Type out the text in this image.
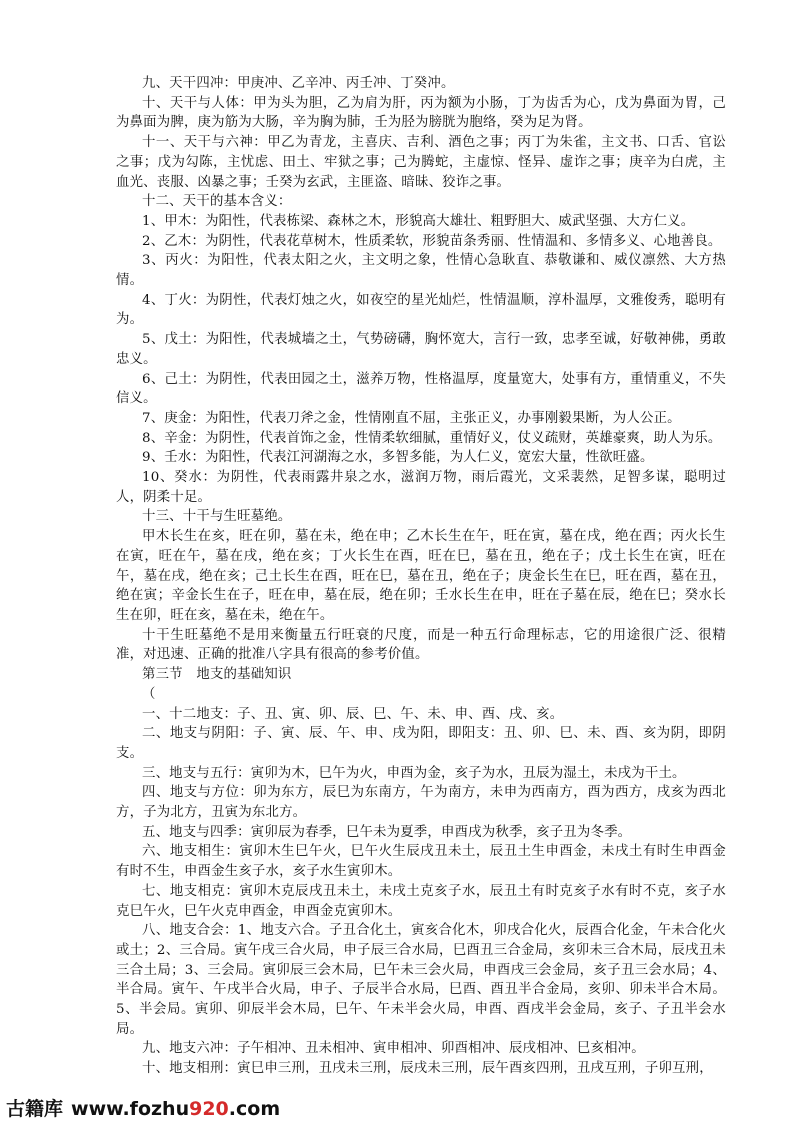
九、天干四冲：甲庚冲、乙辛冲、丙壬冲、丁癸冲。

十、天干与人体：甲为头为胆，乙为肩为肝，丙为额为小肠，丁为齿舌为心，戊为鼻面为胃，己为鼻面为脾，庚为筋为大肠，辛为胸为肺，壬为胫为膀胱为胞络，癸为足为肾。

十一、天干与六神：甲乙为青龙，主喜庆、吉利、酒色之事；丙丁为朱雀，主文书、口舌、官讼之事；戊为勾陈，主忧虑、田土、牢狱之事；己为腾蛇，主虚惊、怪异、虚诈之事；庚辛为白虎，主血光、丧服、凶暴之事；壬癸为玄武，主匪盗、暗昧、狡诈之事。

十二、天干的基本含义：

1、甲木：为阳性，代表栋梁、森林之木，形貌高大雄壮、粗野胆大、威武坚强、大方仁义。

2、乙木：为阴性，代表花草树木，性质柔软，形貌苗条秀丽、性情温和、多情多义、心地善良。

3、丙火：为阳性，代表太阳之火，主文明之象，性情心急耿直、恭敬谦和、威仪凛然、大方热情。

4、丁火：为阴性，代表灯烛之火，如夜空的星光灿烂，性情温顺，淳朴温厚，文雅俊秀，聪明有为。

5、戊土：为阳性，代表城墙之土，气势磅礴，胸怀宽大，言行一致，忠孝至诚，好敬神佛，勇敢忠义。

6、己土：为阴性，代表田园之土，滋养万物，性格温厚，度量宽大，处事有方，重情重义，不失信义。

7、庚金：为阳性，代表刀斧之金，性情刚直不屈，主张正义，办事刚毅果断，为人公正。

8、辛金：为阴性，代表首饰之金，性情柔软细腻，重情好义，仗义疏财，英雄豪爽，助人为乐。

9、壬水：为阳性，代表江河湖海之水，多智多能，为人仁义，宽宏大量，性欲旺盛。

10、癸水：为阴性，代表雨露井泉之水，滋润万物，雨后霞光，文采裴然，足智多谋，聪明过人，阴柔十足。

十三、十干与生旺墓绝。

甲木长生在亥，旺在卯，墓在未，绝在申；乙木长生在午，旺在寅，墓在戌，绝在酉；丙火长生在寅，旺在午，墓在戌，绝在亥；丁火长生在酉，旺在巳，墓在丑，绝在子；戊土长生在寅，旺在午，墓在戌，绝在亥；己土长生在酉，旺在巳，墓在丑，绝在子；庚金长生在巳，旺在酉，墓在丑，绝在寅；辛金长生在子，旺在申，墓在辰，绝在卯；壬水长生在申，旺在子墓在辰，绝在巳；癸水长生在卯，旺在亥，墓在未，绝在午。

十干生旺墓绝不是用来衡量五行旺衰的尺度，而是一种五行命理标志，它的用途很广泛、很精准，对迅速、正确的批准八字具有很高的参考价值。

第三节　地支的基础知识

（

一、十二地支：子、丑、寅、卯、辰、巳、午、未、申、酉、戌、亥。

二、地支与阴阳：子、寅、辰、午、申、戌为阳，即阳支：丑、卯、巳、未、酉、亥为阴，即阴支。

三、地支与五行：寅卯为木，巳午为火，申酉为金，亥子为水，丑辰为湿土，未戌为干土。

四、地支与方位：卯为东方，辰巳为东南方，午为南方，未申为西南方，酉为西方，戌亥为西北方，子为北方，丑寅为东北方。

五、地支与四季：寅卯辰为春季，巳午未为夏季，申酉戌为秋季，亥子丑为冬季。

六、地支相生：寅卯木生巳午火，巳午火生辰戌丑未土，辰丑土生申酉金，未戌土有时生申酉金有时不生，申酉金生亥子水，亥子水生寅卯木。

七、地支相克：寅卯木克辰戌丑未土，未戌土克亥子水，辰丑土有时克亥子水有时不克，亥子水克巳午火，巳午火克申酉金，申酉金克寅卯木。

八、地支合会：1、地支六合。子丑合化土，寅亥合化木，卯戌合化火，辰酉合化金，午未合化火或土；2、三合局。寅午戌三合火局，申子辰三合水局，巳酉丑三合金局，亥卯未三合木局，辰戌丑未三合土局；3、三会局。寅卯辰三会木局，巳午未三会火局，申酉戌三会金局，亥子丑三会水局；4、半合局。寅午、午戌半合火局，申子、子辰半合水局，巳酉、酉丑半合金局，亥卯、卯未半合木局。5、半会局。寅卯、卯辰半会木局，巳午、午未半会火局，申酉、酉戌半会金局，亥子、子丑半会水局。

九、地支六冲：子午相冲、丑未相冲、寅申相冲、卯酉相冲、辰戌相冲、巳亥相冲。

十、地支相刑：寅巳申三刑，丑戌未三刑，辰戌未三刑，辰午酉亥四刑，丑戌互刑，子卯互刑，

古籍库 www.fozhu920.com
